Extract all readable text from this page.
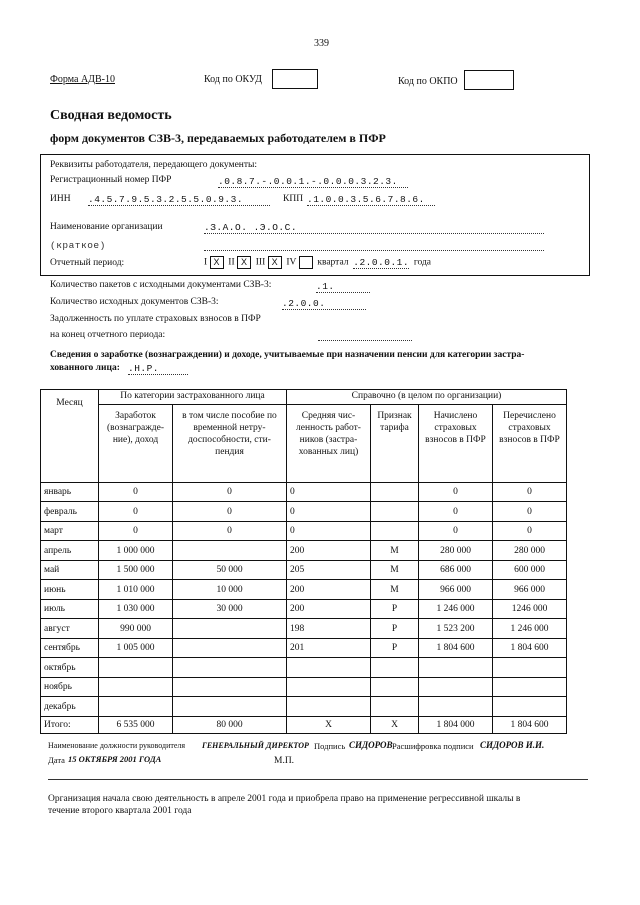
339
Форма АДВ-10	Код по ОКУД	Код по ОКПО
Сводная ведомость
форм документов СЗВ-3, передаваемых работодателем в ПФР
Реквизиты работодателя, передающего документы:
Регистрационный номер ПФР	.0.8.7.-.0.0.1.-.0.0.0.3.2.3.
ИНН .4.5.7.9.5.3.2.5.5.0.9.3.	КПП .1.0.0.3.5.6.7.8.6.
Наименование организации	.З.А.О. .Э.О.С.
(краткое)
Отчетный период:	I X II X III X IV квартал .2.0.0.1. года
Количество пакетов с исходными документами СЗВ-3:	.1.
Количество исходных документов СЗВ-3:	.2.0.0.
Задолженность по уплате страховых взносов в ПФР
на конец отчетного периода:
Сведения о заработке (вознаграждении) и доходе, учитываемые при назначении пенсии для категории застра-
хованного лица: .Н.Р.
Месяц	По категории застрахованного лица		Справочно (в целом по организации)			
	Заработок (вознагражде-ние), доход	в том числе пособие по временной нетру-доспособности, сти-пендия	Средняя чис-ленность работ-ников (застра-хованных лиц)	Признак тарифа	Начислено страховых взносов в ПФР	Перечислено страховых взносов в ПФР
январь	0	0	0		0	0
февраль	0	0	0		0	0
март	0	0	0		0	0
апрель	1 000 000		200	М	280 000	280 000
май	1 500 000	50 000	205	М	686 000	600 000
июнь	1 010 000	10 000	200	М	966 000	966 000
июль	1 030 000	30 000	200	Р	1 246 000	1246 000
август	990 000		198	Р	1 523 200	1 246 000
сентябрь	1 005 000		201	Р	1 804 600	1 804 600
октябрь						
ноябрь						
декабрь						
Итого:	6 535 000	80 000	Х	Х	1 804 000	1 804 600
Наименование должности руководителя ГЕНЕРАЛЬНЫЙ ДИРЕКТОР Подпись СИДОРОВ Расшифровка подписи СИДОРОВ И.И.
Дата 15 ОКТЯБРЯ 2001 ГОДА	М.П.
Организация начала свою деятельность в апреле 2001 года и приобрела право на применение регрессивной шкалы в
течение второго квартала 2001 года
